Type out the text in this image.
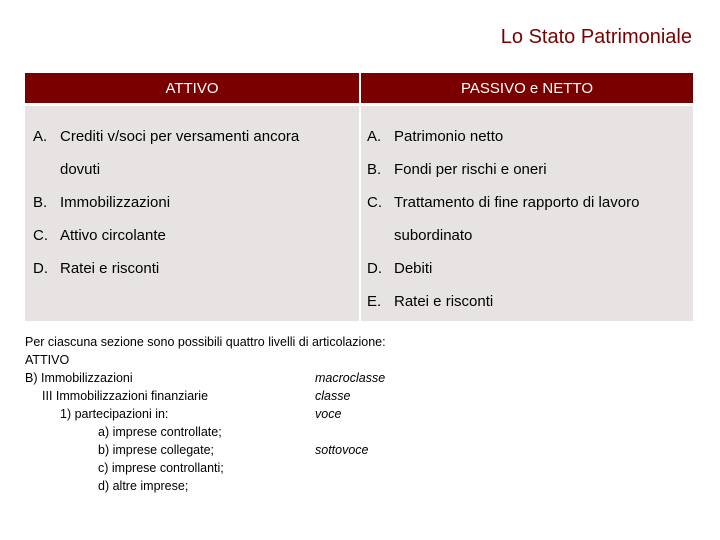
Lo Stato Patrimoniale
ATTIVO	PASSIVO e NETTO
A. Crediti v/soci per versamenti ancora
dovuti
B. Immobilizzazioni
C. Attivo circolante
D. Ratei e risconti
A. Patrimonio netto
B. Fondi per rischi e oneri
C. Trattamento di fine rapporto di lavoro
subordinato
D. Debiti
E. Ratei e risconti
Per ciascuna sezione sono possibili quattro livelli di articolazione:
ATTIVO
B) Immobilizzazioni	macroclasse
III Immobilizzazioni finanziarie	classe
1) partecipazioni in:	voce
a) imprese controllate;
b) imprese collegate;	sottovoce
c) imprese controllanti;
d) altre imprese;
